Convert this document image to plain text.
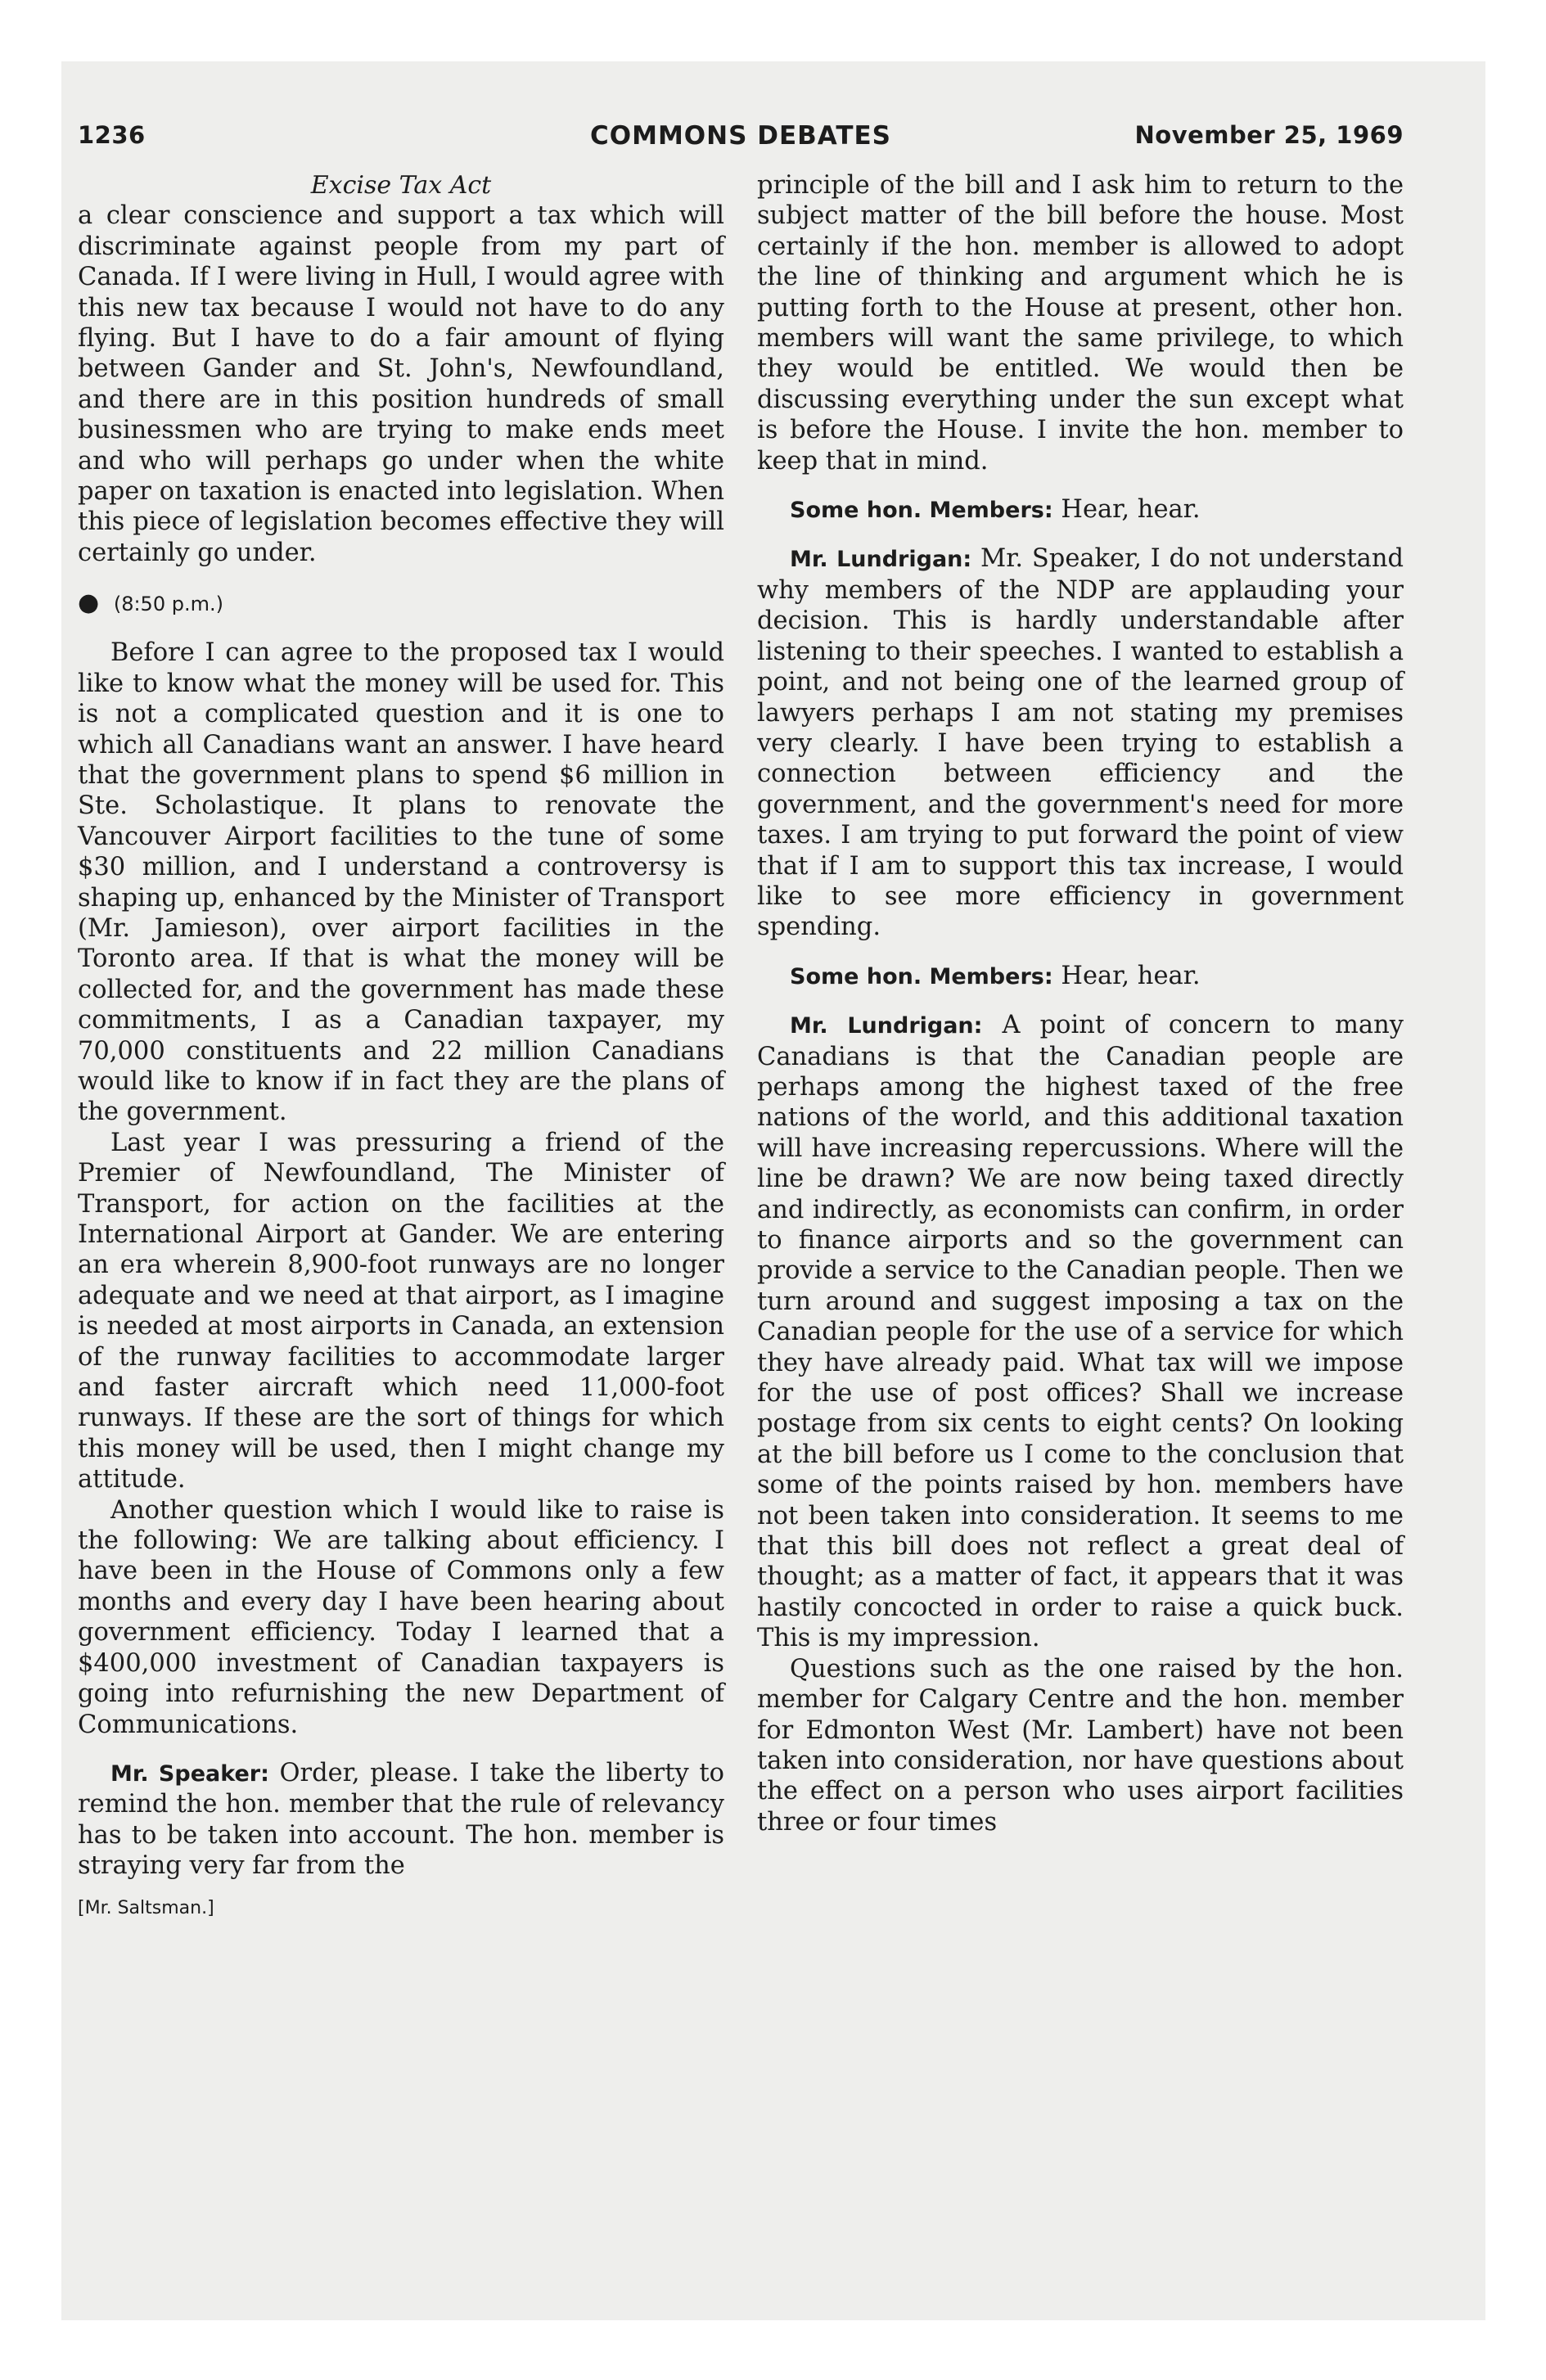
1236	COMMONS DEBATES	November 25, 1969
Excise Tax Act

a clear conscience and support a tax which will discriminate against people from my part of Canada. If I were living in Hull, I would agree with this new tax because I would not have to do any flying. But I have to do a fair amount of flying between Gander and St. John's, Newfoundland, and there are in this position hundreds of small businessmen who are trying to make ends meet and who will perhaps go under when the white paper on taxation is enacted into legislation. When this piece of legislation becomes effective they will certainly go under.

● (8:50 p.m.)

Before I can agree to the proposed tax I would like to know what the money will be used for. This is not a complicated question and it is one to which all Canadians want an answer. I have heard that the government plans to spend $6 million in Ste. Scholastique. It plans to renovate the Vancouver Airport facilities to the tune of some $30 million, and I understand a controversy is shaping up, enhanced by the Minister of Transport (Mr. Jamieson), over airport facilities in the Toronto area. If that is what the money will be collected for, and the government has made these commitments, I as a Canadian taxpayer, my 70,000 constituents and 22 million Canadians would like to know if in fact they are the plans of the government.

Last year I was pressuring a friend of the Premier of Newfoundland, The Minister of Transport, for action on the facilities at the International Airport at Gander. We are entering an era wherein 8,900-foot runways are no longer adequate and we need at that airport, as I imagine is needed at most airports in Canada, an extension of the runway facilities to accommodate larger and faster aircraft which need 11,000-foot runways. If these are the sort of things for which this money will be used, then I might change my attitude.

Another question which I would like to raise is the following: We are talking about efficiency. I have been in the House of Commons only a few months and every day I have been hearing about government efficiency. Today I learned that a $400,000 investment of Canadian taxpayers is going into refurnishing the new Department of Communications.

Mr. Speaker: Order, please. I take the liberty to remind the hon. member that the rule of relevancy has to be taken into account. The hon. member is straying very far from the

[Mr. Saltsman.]

principle of the bill and I ask him to return to the subject matter of the bill before the house. Most certainly if the hon. member is allowed to adopt the line of thinking and argument which he is putting forth to the House at present, other hon. members will want the same privilege, to which they would be entitled. We would then be discussing everything under the sun except what is before the House. I invite the hon. member to keep that in mind.

Some hon. Members: Hear, hear.

Mr. Lundrigan: Mr. Speaker, I do not understand why members of the NDP are applauding your decision. This is hardly understandable after listening to their speeches. I wanted to establish a point, and not being one of the learned group of lawyers perhaps I am not stating my premises very clearly. I have been trying to establish a connection between efficiency and the government, and the government's need for more taxes. I am trying to put forward the point of view that if I am to support this tax increase, I would like to see more efficiency in government spending.

Some hon. Members: Hear, hear.

Mr. Lundrigan: A point of concern to many Canadians is that the Canadian people are perhaps among the highest taxed of the free nations of the world, and this additional taxation will have increasing repercussions. Where will the line be drawn? We are now being taxed directly and indirectly, as economists can confirm, in order to finance airports and so the government can provide a service to the Canadian people. Then we turn around and suggest imposing a tax on the Canadian people for the use of a service for which they have already paid. What tax will we impose for the use of post offices? Shall we increase postage from six cents to eight cents? On looking at the bill before us I come to the conclusion that some of the points raised by hon. members have not been taken into consideration. It seems to me that this bill does not reflect a great deal of thought; as a matter of fact, it appears that it was hastily concocted in order to raise a quick buck. This is my impression.

Questions such as the one raised by the hon. member for Calgary Centre and the hon. member for Edmonton West (Mr. Lambert) have not been taken into consideration, nor have questions about the effect on a person who uses airport facilities three or four times
